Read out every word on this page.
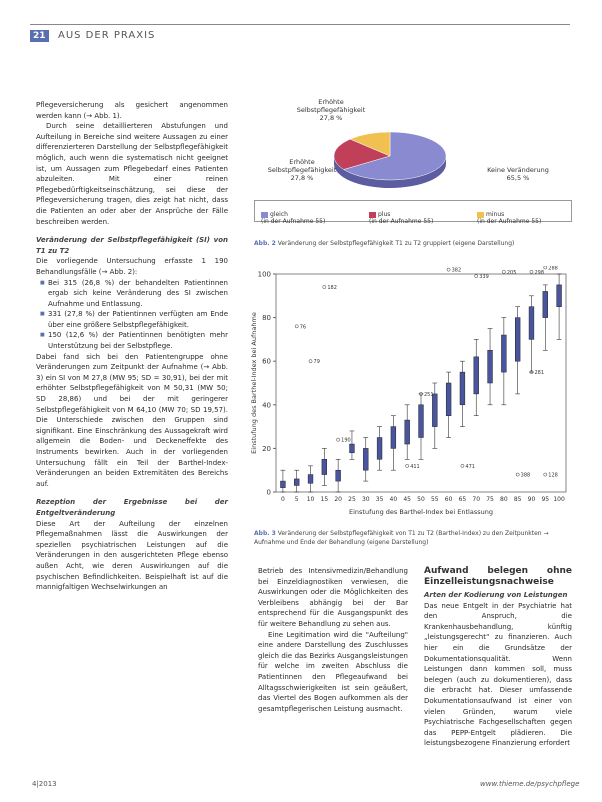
21	AUS DER PRAXIS

Pflegeversicherung als gesichert angenommen werden kann (→ Abb. 1).

Durch seine detaillierteren Abstufungen und Aufteilung in Bereiche sind weitere Aussagen zu einer differenzierteren Darstellung der Selbstpflegefähigkeit möglich, auch wenn die systematisch nicht geeignet ist, um Aussagen zum Pflegebedarf eines Patienten abzuleiten. Mit einer reinen Pflegebedürftigkeitseinschätzung, sei diese der Pflegeversicherung tragen, dies zeigt hat nicht, dass die Patienten an oder aber der Ansprüche der Fälle beschreiben werden.

Veränderung der Selbstpflegefähigkeit (SI) von T1 zu T2

Die vorliegende Untersuchung erfasste 1 190 Behandlungsfälle (→ Abb. 2):

■ Bei 315 (26,8 %) der behandelten Patientinnen ergab sich keine Veränderung des SI zwischen Aufnahme und Entlassung.

■ 331 (27,8 %) der Patientinnen verfügten am Ende über eine größere Selbstpflegefähigkeit.

■ 150 (12,6 %) der Patientinnen benötigten mehr Unterstützung bei der Selbstpflege.

Dabei fand sich bei den Patientengruppe ohne Veränderungen zum Zeitpunkt der Aufnahme (→ Abb. 3) ein SI von M 27,8 (MW 95; SD = 30,91), bei der mit erhöhter Selbstpflegefähigkeit von M 50,31 (MW 50; SD 28,86) und bei der mit geringerer Selbstpflegefähigkeit von M 64,10 (MW 70; SD 19,57). Die Unterschiede zwischen den Gruppen sind signifikant. Eine Einschränkung des Aussagekraft wird allgemein die Boden- und Deckeneffekte des Instruments bewirken. Auch in der vorliegenden Untersuchung fällt ein Teil der Barthel-Index-Veränderungen an beiden Extremitäten des Bereichs auf.

Rezeption der Ergebnisse bei der Entgeltveränderung

Diese Art der Aufteilung der einzelnen Pflegemaßnahmen lässt die Auswirkungen der speziellen psychiatrischen Leistungen auf die Veränderungen in den ausgerichteten Pflege ebenso außen Acht, wie deren Auswirkungen auf die psychischen Befindlichkeiten. Beispielhaft ist auf die mannigfaltigen Wechselwirkungen an

Erhöhte
Selbstpflegefähigkeit
27,8 %
Erhöhte
Selbstpflegefähigkeit
27,8 %
Keine Veränderung
65,5 %

gleich
(in der Aufnahme 55)

plus
(in der Aufnahme 55)

minus
(in der Aufnahme 55)

Abb. 2 Veränderung der Selbstpflegefähigkeit T1 zu T2 gruppiert (eigene Darstellung)
0
20
40
60
80
100
0 5 10 15 20 25 30 35 40 45 50 55 60 65 70 75 80 85 90 95 100
182
382
339
205	298
288
76
79
190
411	471
388	128
251
281
Einstufung des Barthel-Index bei Entlassung
Einstufung des Barthel-Index bei Aufnahme
Abb. 3 Veränderung der Selbstpflegefähigkeit von T1 zu T2 (Barthel-Index) zu den Zeitpunkten → Aufnahme und Ende der Behandlung (eigene Darstellung)

Betrieb des Intensivmedizin/Behandlung bei Einzeldiagnostiken verwiesen, die Auswirkungen oder die Möglichkeiten des Verbleibens abhängig bei der Bar entsprechend für die Ausgangspunkt des für weitere Behandlung zu sehen aus.

Eine Legitimation wird die "Aufteilung" eine andere Darstellung des Zuschlusses gleich die das Bezirks Ausgangsleistungen für welche im zweiten Abschluss die Patientinnen den Pflegeaufwand bei Alltagsschwierigkeiten ist sein geäußert, das Viertel des Bogen aufkommen als der gesamtpflegerischen Leistung ausmacht.

Aufwand belegen ohne Einzelleistungsnachweise

Arten der Kodierung von Leistungen

Das neue Entgelt in der Psychiatrie hat den Anspruch, die Krankenhausbehandlung, künftig „leistungsgerecht“ zu finanzieren. Auch hier ein die Grundsätze der Dokumentationsqualität. Wenn Leistungen dann kommen soll, muss belegen (auch zu dokumentieren), dass die erbracht hat. Dieser umfassende Dokumentationsaufwand ist einer von vielen Gründen, warum viele Psychiatrische Fachgesellschaften gegen das PEPP-Entgelt plädieren. Die leistungsbezogene Finanzierung erfordert

4|2013	www.thieme.de/psychpflege
